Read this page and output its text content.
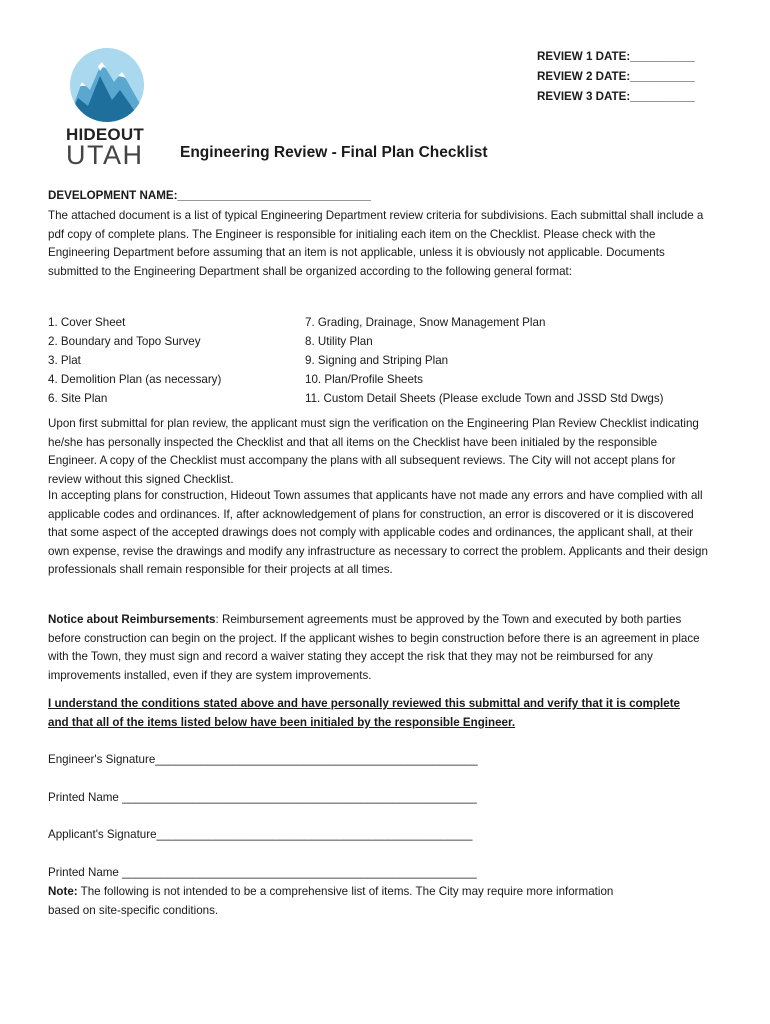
HIDEOUT
UTAH
REVIEW 1 DATE:__________
REVIEW 2 DATE:__________
REVIEW 3 DATE:__________
Engineering Review - Final Plan Checklist
DEVELOPMENT NAME:______________________________
The attached document is a list of typical Engineering Department review criteria for subdivisions. Each submittal shall include a pdf copy of complete plans. The Engineer is responsible for initialing each item on the Checklist. Please check with the Engineering Department before assuming that an item is not applicable, unless it is obviously not applicable. Documents submitted to the Engineering Department shall be organized according to the following general format:
1. Cover Sheet
2. Boundary and Topo Survey
3. Plat
4. Demolition Plan (as necessary)
6. Site Plan
7. Grading, Drainage, Snow Management Plan
8. Utility Plan
9. Signing and Striping Plan
10. Plan/Profile Sheets
11. Custom Detail Sheets (Please exclude Town and JSSD Std Dwgs)
Upon first submittal for plan review, the applicant must sign the verification on the Engineering Plan Review Checklist indicating he/she has personally inspected the Checklist and that all items on the Checklist have been initialed by the responsible Engineer. A copy of the Checklist must accompany the plans with all subsequent reviews. The City will not accept plans for review without this signed Checklist.
In accepting plans for construction, Hideout Town assumes that applicants have not made any errors and have complied with all applicable codes and ordinances. If, after acknowledgement of plans for construction, an error is discovered or it is discovered that some aspect of the accepted drawings does not comply with applicable codes and ordinances, the applicant shall, at their own expense, revise the drawings and modify any infrastructure as necessary to correct the problem. Applicants and their design professionals shall remain responsible for their projects at all times.
Notice about Reimbursements: Reimbursement agreements must be approved by the Town and executed by both parties before construction can begin on the project. If the applicant wishes to begin construction before there is an agreement in place with the Town, they must sign and record a waiver stating they accept the risk that they may not be reimbursed for any improvements installed, even if they are system improvements.
I understand the conditions stated above and have personally reviewed this submittal and verify that it is complete and that all of the items listed below have been initialed by the responsible Engineer.
Engineer's Signature__________________________________________________
Printed Name _______________________________________________________
Applicant's Signature_________________________________________________
Printed Name _______________________________________________________
Note: The following is not intended to be a comprehensive list of items. The City may require more information based on site-specific conditions.
